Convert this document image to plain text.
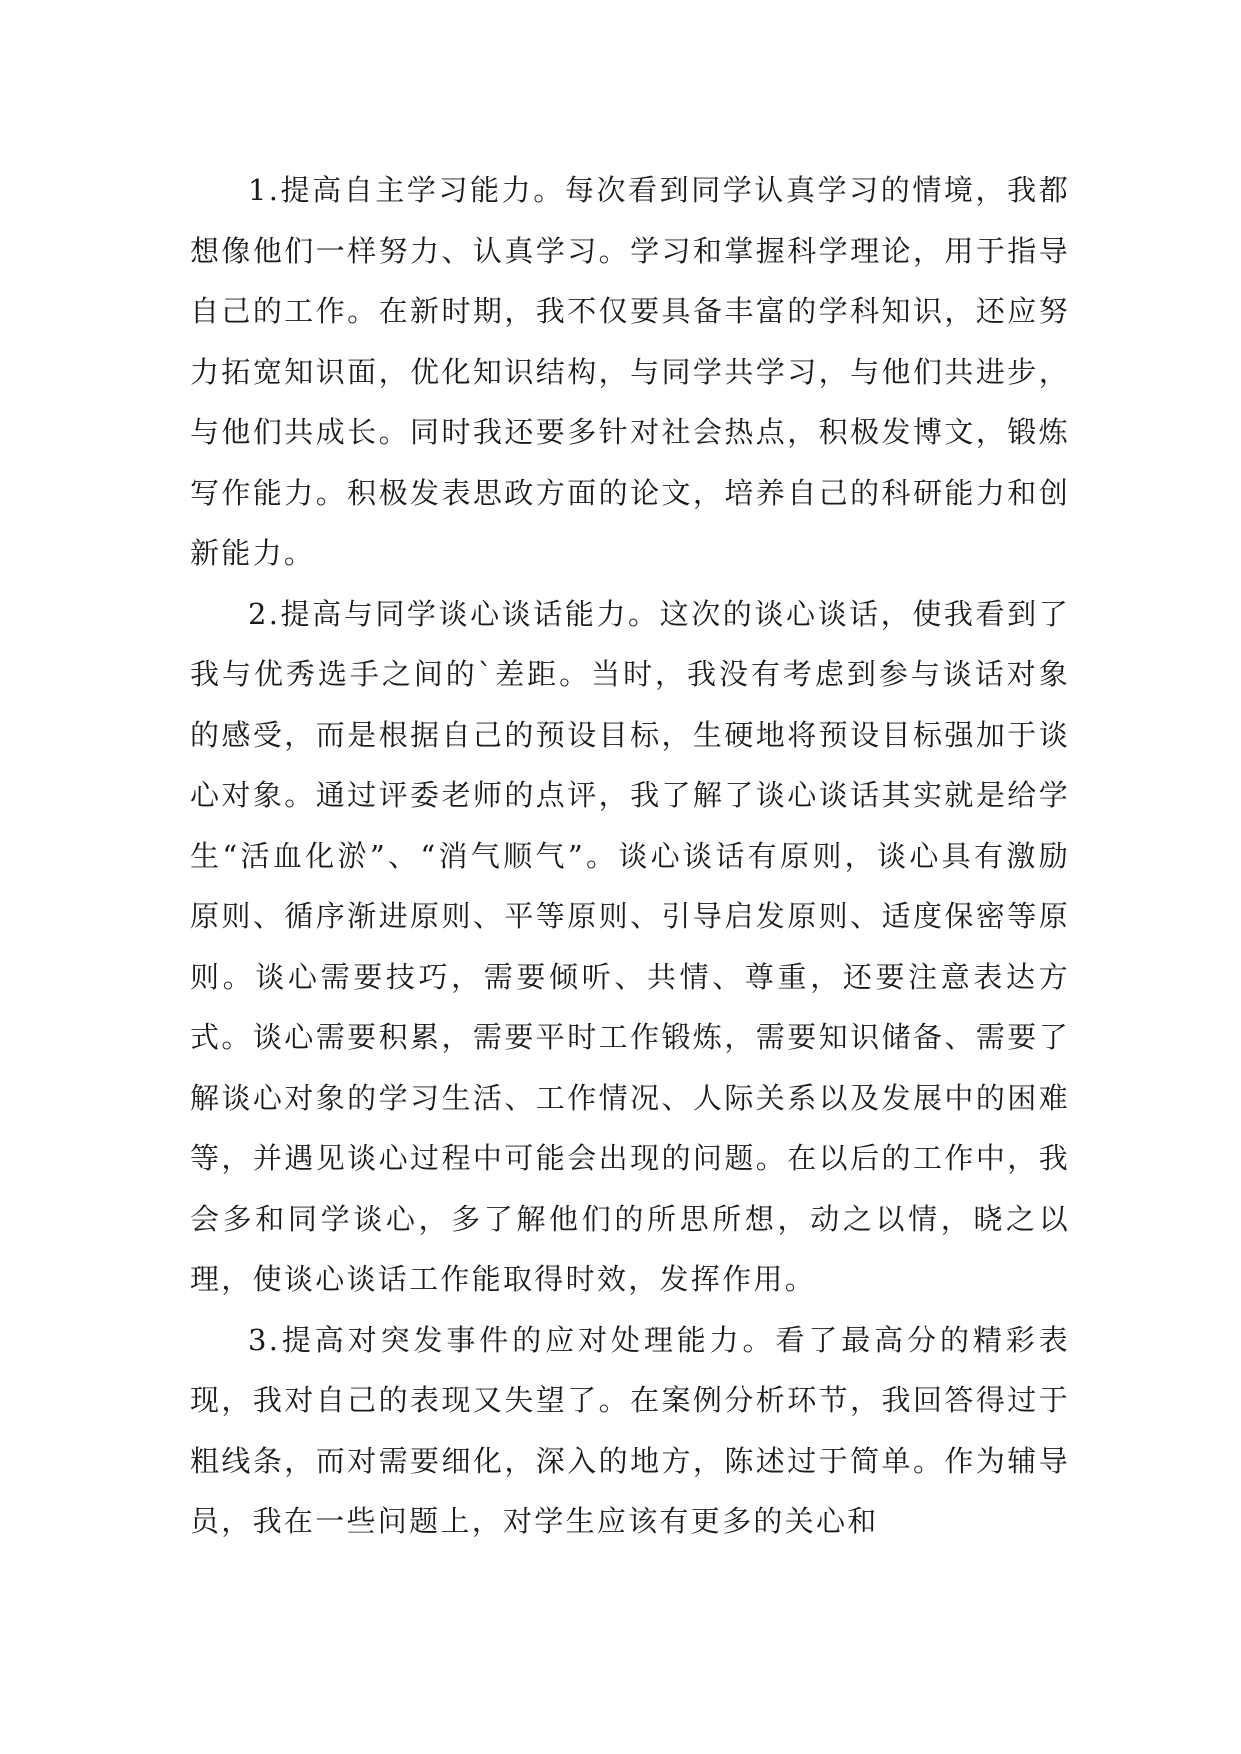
1.提高自主学习能力。每次看到同学认真学习的情境，我都想像他们一样努力、认真学习。学习和掌握科学理论，用于指导自己的工作。在新时期，我不仅要具备丰富的学科知识，还应努力拓宽知识面，优化知识结构，与同学共学习，与他们共进步，与他们共成长。同时我还要多针对社会热点，积极发博文，锻炼写作能力。积极发表思政方面的论文，培养自己的科研能力和创新能力。

2.提高与同学谈心谈话能力。这次的谈心谈话，使我看到了我与优秀选手之间的`差距。当时，我没有考虑到参与谈话对象的感受，而是根据自己的预设目标，生硬地将预设目标强加于谈心对象。通过评委老师的点评，我了解了谈心谈话其实就是给学生“活血化淤”、“消气顺气”。谈心谈话有原则，谈心具有激励原则、循序渐进原则、平等原则、引导启发原则、适度保密等原则。谈心需要技巧，需要倾听、共情、尊重，还要注意表达方式。谈心需要积累，需要平时工作锻炼，需要知识储备、需要了解谈心对象的学习生活、工作情况、人际关系以及发展中的困难等，并遇见谈心过程中可能会出现的问题。在以后的工作中，我会多和同学谈心，多了解他们的所思所想，动之以情，晓之以理，使谈心谈话工作能取得时效，发挥作用。

3.提高对突发事件的应对处理能力。看了最高分的精彩表现，我对自己的表现又失望了。在案例分析环节，我回答得过于粗线条，而对需要细化，深入的地方，陈述过于简单。作为辅导员，我在一些问题上，对学生应该有更多的关心和
